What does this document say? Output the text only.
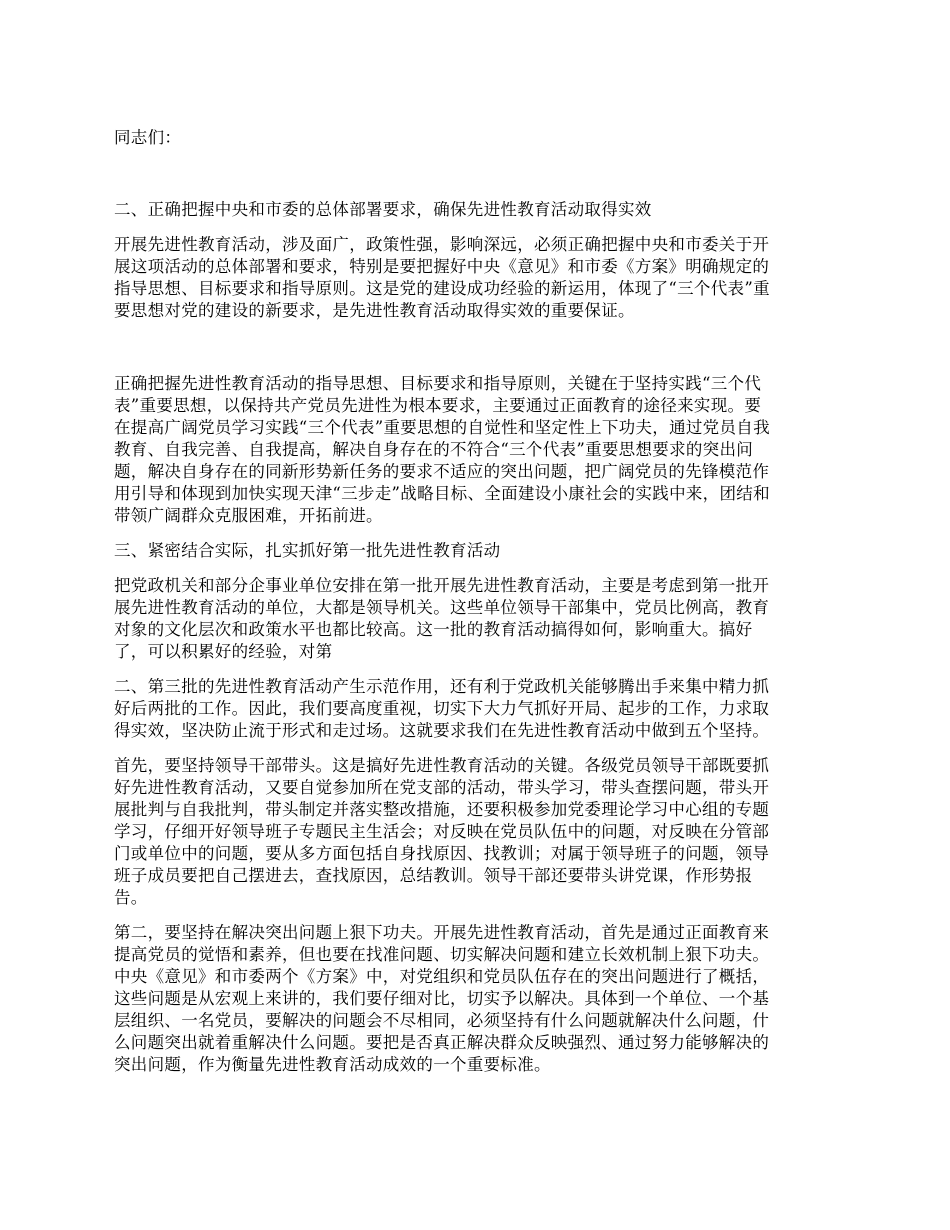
同志们：
二、正确把握中央和市委的总体部署要求，确保先进性教育活动取得实效
开展先进性教育活动，涉及面广，政策性强，影响深远，必须正确把握中央和市委关于开
展这项活动的总体部署和要求，特别是要把握好中央《意见》和市委《方案》明确规定的
指导思想、目标要求和指导原则。这是党的建设成功经验的新运用，体现了“三个代表”重
要思想对党的建设的新要求，是先进性教育活动取得实效的重要保证。
正确把握先进性教育活动的指导思想、目标要求和指导原则，关键在于坚持实践“三个代
表”重要思想，以保持共产党员先进性为根本要求，主要通过正面教育的途径来实现。要
在提高广阔党员学习实践“三个代表”重要思想的自觉性和坚定性上下功夫，通过党员自我
教育、自我完善、自我提高，解决自身存在的不符合“三个代表”重要思想要求的突出问
题，解决自身存在的同新形势新任务的要求不适应的突出问题，把广阔党员的先锋模范作
用引导和体现到加快实现天津“三步走”战略目标、全面建设小康社会的实践中来，团结和
带领广阔群众克服困难，开拓前进。
三、紧密结合实际，扎实抓好第一批先进性教育活动
把党政机关和部分企事业单位安排在第一批开展先进性教育活动，主要是考虑到第一批开
展先进性教育活动的单位，大都是领导机关。这些单位领导干部集中，党员比例高，教育
对象的文化层次和政策水平也都比较高。这一批的教育活动搞得如何，影响重大。搞好
了，可以积累好的经验，对第
二、第三批的先进性教育活动产生示范作用，还有利于党政机关能够腾出手来集中精力抓
好后两批的工作。因此，我们要高度重视，切实下大力气抓好开局、起步的工作，力求取
得实效，坚决防止流于形式和走过场。这就要求我们在先进性教育活动中做到五个坚持。
首先，要坚持领导干部带头。这是搞好先进性教育活动的关键。各级党员领导干部既要抓
好先进性教育活动，又要自觉参加所在党支部的活动，带头学习，带头查摆问题，带头开
展批判与自我批判，带头制定并落实整改措施，还要积极参加党委理论学习中心组的专题
学习，仔细开好领导班子专题民主生活会；对反映在党员队伍中的问题，对反映在分管部
门或单位中的问题，要从多方面包括自身找原因、找教训；对属于领导班子的问题，领导
班子成员要把自己摆进去，查找原因，总结教训。领导干部还要带头讲党课，作形势报
告。
第二，要坚持在解决突出问题上狠下功夫。开展先进性教育活动，首先是通过正面教育来
提高党员的觉悟和素养，但也要在找准问题、切实解决问题和建立长效机制上狠下功夫。
中央《意见》和市委两个《方案》中，对党组织和党员队伍存在的突出问题进行了概括，
这些问题是从宏观上来讲的，我们要仔细对比，切实予以解决。具体到一个单位、一个基
层组织、一名党员，要解决的问题会不尽相同，必须坚持有什么问题就解决什么问题，什
么问题突出就着重解决什么问题。要把是否真正解决群众反映强烈、通过努力能够解决的
突出问题，作为衡量先进性教育活动成效的一个重要标准。
